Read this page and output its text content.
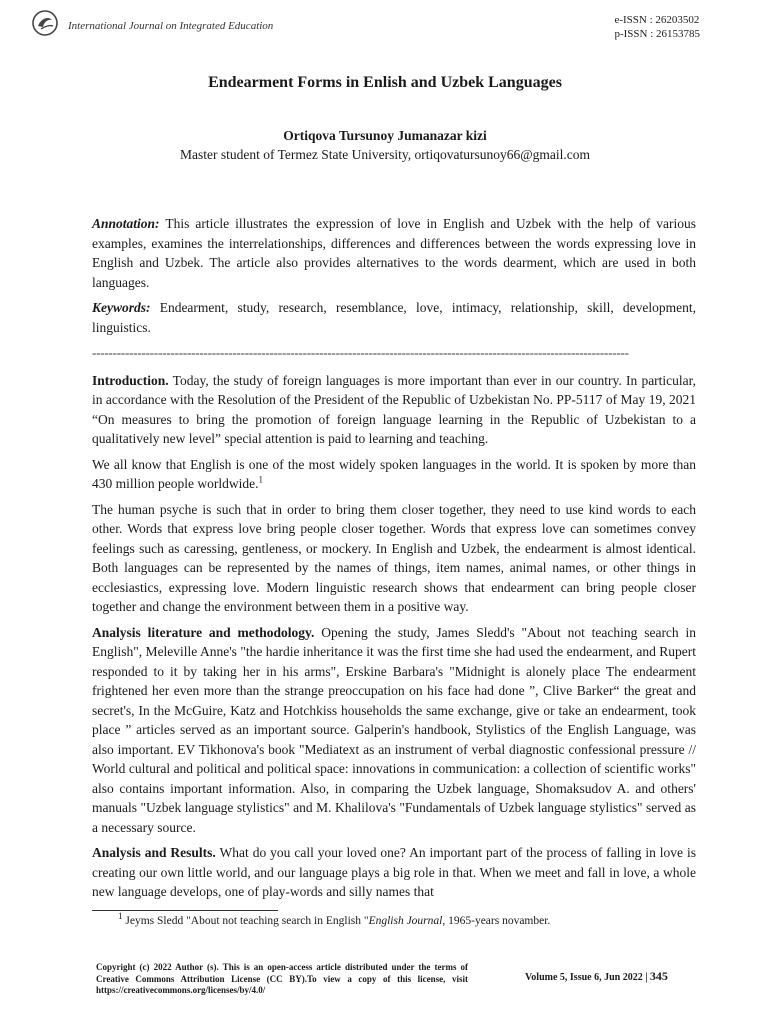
International Journal on Integrated Education	e-ISSN : 26203502
p-ISSN : 26153785
Endearment Forms in Enlish and Uzbek Languages
Ortiqova Tursunoy Jumanazar kizi
Master student of Termez State University, ortiqovatursunoy66@gmail.com

Annotation: This article illustrates the expression of love in English and Uzbek with the help of various examples, examines the interrelationships, differences and differences between the words expressing love in English and Uzbek. The article also provides alternatives to the words dearment, which are used in both languages.

Keywords: Endearment, study, research, resemblance, love, intimacy, relationship, skill, development, linguistics.

----------------------------------------------------------------------------------------------------------------------------------

Introduction. Today, the study of foreign languages is more important than ever in our country. In particular, in accordance with the Resolution of the President of the Republic of Uzbekistan No. PP-5117 of May 19, 2021 “On measures to bring the promotion of foreign language learning in the Republic of Uzbekistan to a qualitatively new level” special attention is paid to learning and teaching.

We all know that English is one of the most widely spoken languages in the world. It is spoken by more than 430 million people worldwide.$^1$

The human psyche is such that in order to bring them closer together, they need to use kind words to each other. Words that express love bring people closer together. Words that express love can sometimes convey feelings such as caressing, gentleness, or mockery. In English and Uzbek, the endearment is almost identical. Both languages can be represented by the names of things, item names, animal names, or other things in ecclesiastics, expressing love. Modern linguistic research shows that endearment can bring people closer together and change the environment between them in a positive way.

Analysis literature and methodology. Opening the study, James Sledd's "About not teaching search in English", Meleville Anne's "the hardie inheritance it was the first time she had used the endearment, and Rupert responded to it by taking her in his arms", Erskine Barbara's "Midnight is alonely place The endearment frightened her even more than the strange preoccupation on his face had done ”, Clive Barker“ the great and secret's, In the McGuire, Katz and Hotchkiss households the same exchange, give or take an endearment, took place ” articles served as an important source. Galperin's handbook, Stylistics of the English Language, was also important. EV Tikhonova's book "Mediatext as an instrument of verbal diagnostic confessional pressure // World cultural and political and political space: innovations in communication: a collection of scientific works" also contains important information. Also, in comparing the Uzbek language, Shomaksudov A. and others' manuals "Uzbek language stylistics" and M. Khalilova's "Fundamentals of Uzbek language stylistics" served as a necessary source.

Analysis and Results. What do you call your loved one? An important part of the process of falling in love is creating our own little world, and our language plays a big role in that. When we meet and fall in love, a whole new language develops, one of play-words and silly names that

$^1$ Jeyms Sledd "About not teaching search in English "English Journal, 1965-years novamber.
Copyright (c) 2022 Author (s). This is an open-access article distributed under the terms of Creative Commons Attribution License (CC BY).To view a copy of this license, visit https://creativecommons.org/licenses/by/4.0/
Volume 5, Issue 6, Jun 2022 | 345
